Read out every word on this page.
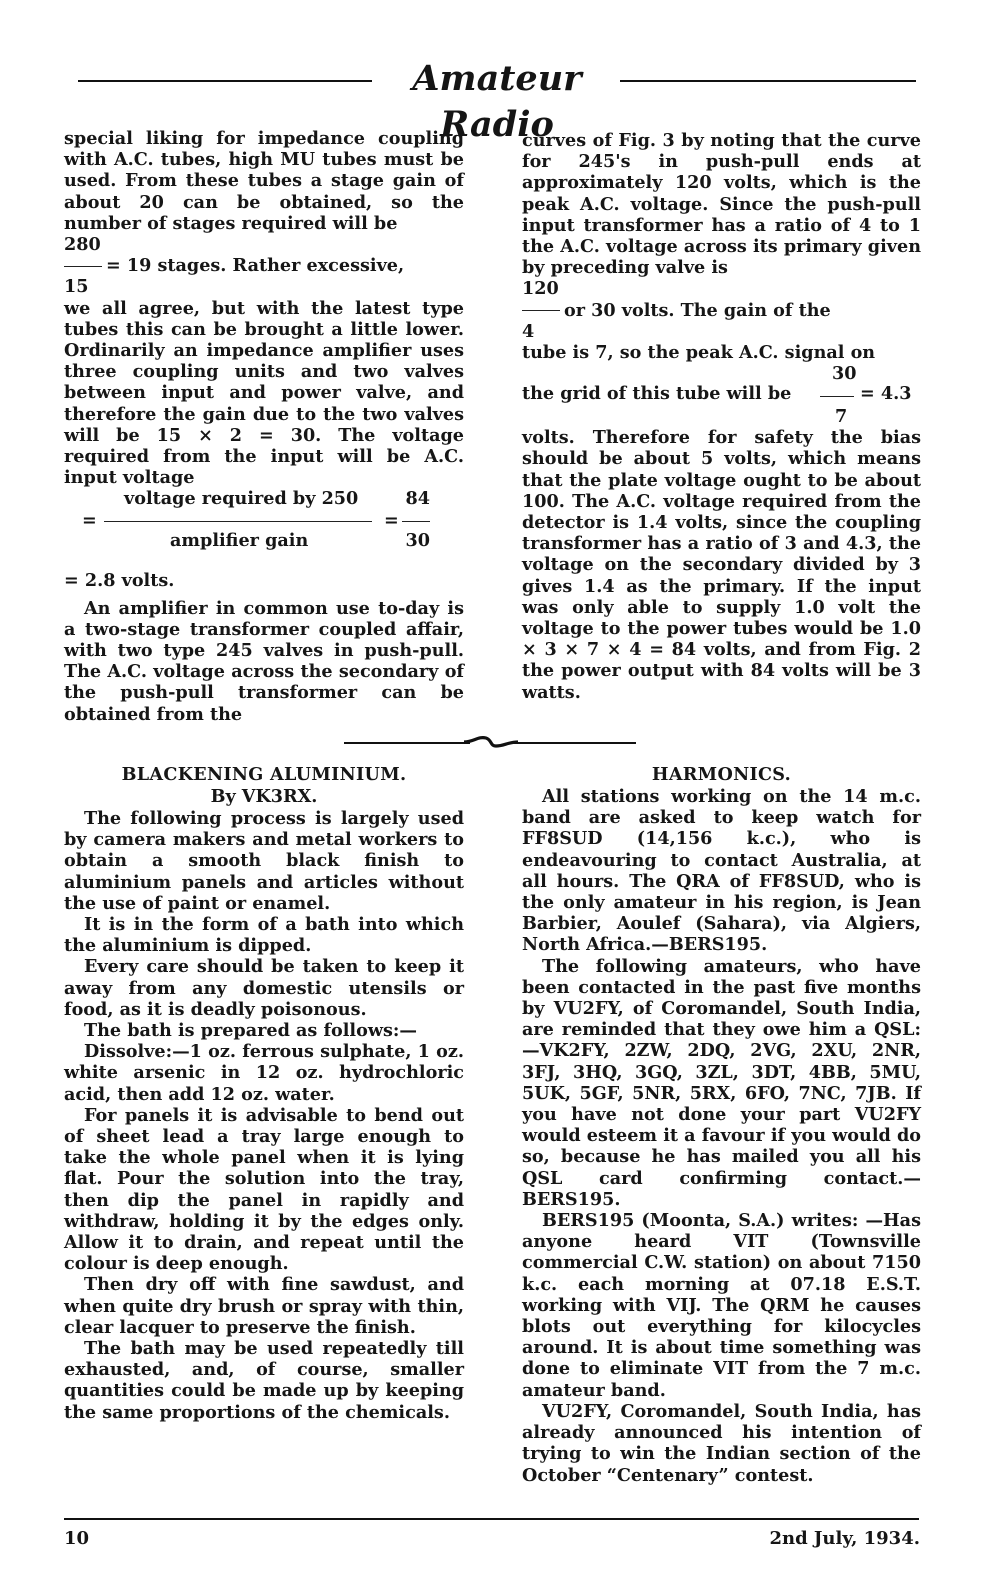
Amateur Radio

special liking for impedance coupling with A.C. tubes, high MU tubes must be used. From these tubes a stage gain of about 20 can be obtained, so the number of stages required will be

280
= 19 stages. Rather excessive,
15

we all agree, but with the latest type tubes this can be brought a little lower. Ordinarily an impedance amplifier uses three coupling units and two valves between input and power valve, and therefore the gain due to the two valves will be 15 × 2 = 30. The voltage required from the input will be A.C. input voltage

voltage required by 250	84
=	=
amplifier gain	30

= 2.8 volts.

An amplifier in common use to-day is a two-stage transformer coupled affair, with two type 245 valves in push-pull. The A.C. voltage across the secondary of the push-pull transformer can be obtained from the

curves of Fig. 3 by noting that the curve for 245's in push-pull ends at approximately 120 volts, which is the peak A.C. voltage. Since the push-pull input transformer has a ratio of 4 to 1 the A.C. voltage across its primary given by preceding valve is

120
or 30 volts. The gain of the
4

tube is 7, so the peak A.C. signal on

the grid of this tube will be
30
7
= 4.3

volts. Therefore for safety the bias should be about 5 volts, which means that the plate voltage ought to be about 100. The A.C. voltage required from the detector is 1.4 volts, since the coupling transformer has a ratio of 3 and 4.3, the voltage on the secondary divided by 3 gives 1.4 as the primary. If the input was only able to supply 1.0 volt the voltage to the power tubes would be 1.0 × 3 × 7 × 4 = 84 volts, and from Fig. 2 the power output with 84 volts will be 3 watts.

BLACKENING ALUMINIUM.
By VK3RX.

The following process is largely used by camera makers and metal workers to obtain a smooth black finish to aluminium panels and articles without the use of paint or enamel.

It is in the form of a bath into which the aluminium is dipped.

Every care should be taken to keep it away from any domestic utensils or food, as it is deadly poisonous.

The bath is prepared as follows:—

Dissolve:—1 oz. ferrous sulphate, 1 oz. white arsenic in 12 oz. hydrochloric acid, then add 12 oz. water.

For panels it is advisable to bend out of sheet lead a tray large enough to take the whole panel when it is lying flat. Pour the solution into the tray, then dip the panel in rapidly and withdraw, holding it by the edges only. Allow it to drain, and repeat until the colour is deep enough.

Then dry off with fine sawdust, and when quite dry brush or spray with thin, clear lacquer to preserve the finish.

The bath may be used repeatedly till exhausted, and, of course, smaller quantities could be made up by keeping the same proportions of the chemicals.

HARMONICS.

All stations working on the 14 m.c. band are asked to keep watch for FF8SUD (14,156 k.c.), who is endeavouring to contact Australia, at all hours. The QRA of FF8SUD, who is the only amateur in his region, is Jean Barbier, Aoulef (Sahara), via Algiers, North Africa.—BERS195.

The following amateurs, who have been contacted in the past five months by VU2FY, of Coromandel, South India, are reminded that they owe him a QSL:—VK2FY, 2ZW, 2DQ, 2VG, 2XU, 2NR, 3FJ, 3HQ, 3GQ, 3ZL, 3DT, 4BB, 5MU, 5UK, 5GF, 5NR, 5RX, 6FO, 7NC, 7JB. If you have not done your part VU2FY would esteem it a favour if you would do so, because he has mailed you all his QSL card confirming contact.—BERS195.

BERS195 (Moonta, S.A.) writes: —Has anyone heard VIT (Townsville commercial C.W. station) on about 7150 k.c. each morning at 07.18 E.S.T. working with VIJ. The QRM he causes blots out everything for kilocycles around. It is about time something was done to eliminate VIT from the 7 m.c. amateur band.

VU2FY, Coromandel, South India, has already announced his intention of trying to win the Indian section of the October “Centenary” contest.

10	2nd July, 1934.
